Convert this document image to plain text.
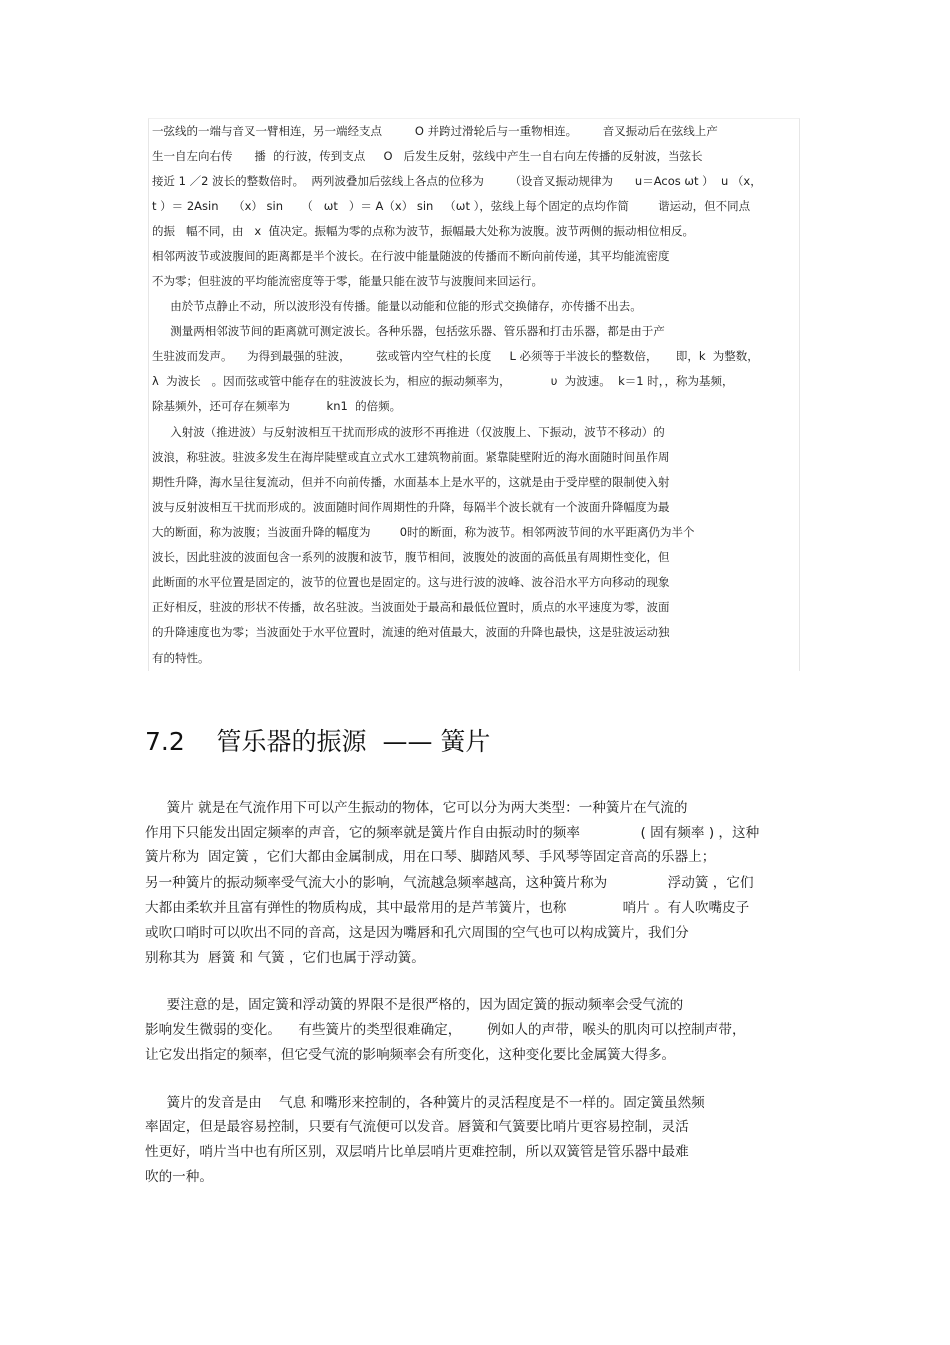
一弦线的一端与音叉一臂相连，另一端经支点         O 并跨过滑轮后与一重物相连。       音叉振动后在弦线上产
生一自左向右传      播  的行波，传到支点     O   后发生反射，弦线中产生一自右向左传播的反射波，当弦长
接近 1 ／2 波长的整数倍时。  两列波叠加后弦线上各点的位移为       （设音叉振动规律为      u＝Acos ωt ）  u （x，
t ）＝ 2Asin    （x） sin     （   ωt   ）＝ A（x） sin   （ωt ），弦线上每个固定的点均作简        谐运动，但不同点
的振   幅不同，由   x  值决定。振幅为零的点称为波节，振幅最大处称为波腹。波节两侧的振动相位相反。
相邻两波节或波腹间的距离都是半个波长。在行波中能量随波的传播而不断向前传递，其平均能流密度
不为零；但驻波的平均能流密度等于零，能量只能在波节与波腹间来回运行。
由於节点静止不动，所以波形没有传播。能量以动能和位能的形式交换储存，亦传播不出去。
测量两相邻波节间的距离就可测定波长。各种乐器，包括弦乐器、管乐器和打击乐器，都是由于产
生驻波而发声。    为得到最强的驻波，       弦或管内空气柱的长度     L 必须等于半波长的整数倍，     即，k  为整数，
λ  为波长   。因而弦或管中能存在的驻波波长为，相应的振动频率为，           υ  为波速。  k＝1 时，，称为基频，
除基频外，还可存在频率为          kn1  的倍频。
入射波（推进波）与反射波相互干扰而形成的波形不再推进（仅波腹上、下振动，波节不移动）的
波浪，称驻波。驻波多发生在海岸陡壁或直立式水工建筑物前面。紧靠陡壁附近的海水面随时间虽作周
期性升降，海水呈往复流动，但并不向前传播，水面基本上是水平的，这就是由于受岸壁的限制使入射
波与反射波相互干扰而形成的。波面随时间作周期性的升降，每隔半个波长就有一个波面升降幅度为最
大的断面，称为波腹；当波面升降的幅度为        0时的断面，称为波节。相邻两波节间的水平距离仍为半个
波长，因此驻波的波面包含一系列的波腹和波节，腹节相间，波腹处的波面的高低虽有周期性变化，但
此断面的水平位置是固定的，波节的位置也是固定的。这与进行波的波峰、波谷沿水平方向移动的现象
正好相反，驻波的形状不传播，故名驻波。当波面处于最高和最低位置时，质点的水平速度为零，波面
的升降速度也为零；当波面处于水平位置时，流速的绝对值最大，波面的升降也最快，这是驻波运动独
有的特性。
7.2    管乐器的振源  —— 簧片
簧片 就是在气流作用下可以产生振动的物体，它可以分为两大类型：一种簧片在气流的
作用下只能发出固定频率的声音，它的频率就是簧片作自由振动时的频率              ( 固有频率 ) ，这种
簧片称为  固定簧 ，它们大都由金属制成，用在口琴、脚踏风琴、手风琴等固定音高的乐器上；
另一种簧片的振动频率受气流大小的影响，气流越急频率越高，这种簧片称为              浮动簧 ，它们
大都由柔软并且富有弹性的物质构成，其中最常用的是芦苇簧片，也称             哨片 。有人吹嘴皮子
或吹口哨时可以吹出不同的音高，这是因为嘴唇和孔穴周围的空气也可以构成簧片，我们分
别称其为  唇簧 和 气簧 ，它们也属于浮动簧。
要注意的是，固定簧和浮动簧的界限不是很严格的，因为固定簧的振动频率会受气流的
影响发生微弱的变化。    有些簧片的类型很难确定，      例如人的声带，喉头的肌肉可以控制声带，
让它发出指定的频率，但它受气流的影响频率会有所变化，这种变化要比金属簧大得多。
簧片的发音是由    气息 和嘴形来控制的，各种簧片的灵活程度是不一样的。固定簧虽然频
率固定，但是最容易控制，只要有气流便可以发音。唇簧和气簧要比哨片更容易控制，灵活
性更好，哨片当中也有所区别，双层哨片比单层哨片更难控制，所以双簧管是管乐器中最难
吹的一种。
